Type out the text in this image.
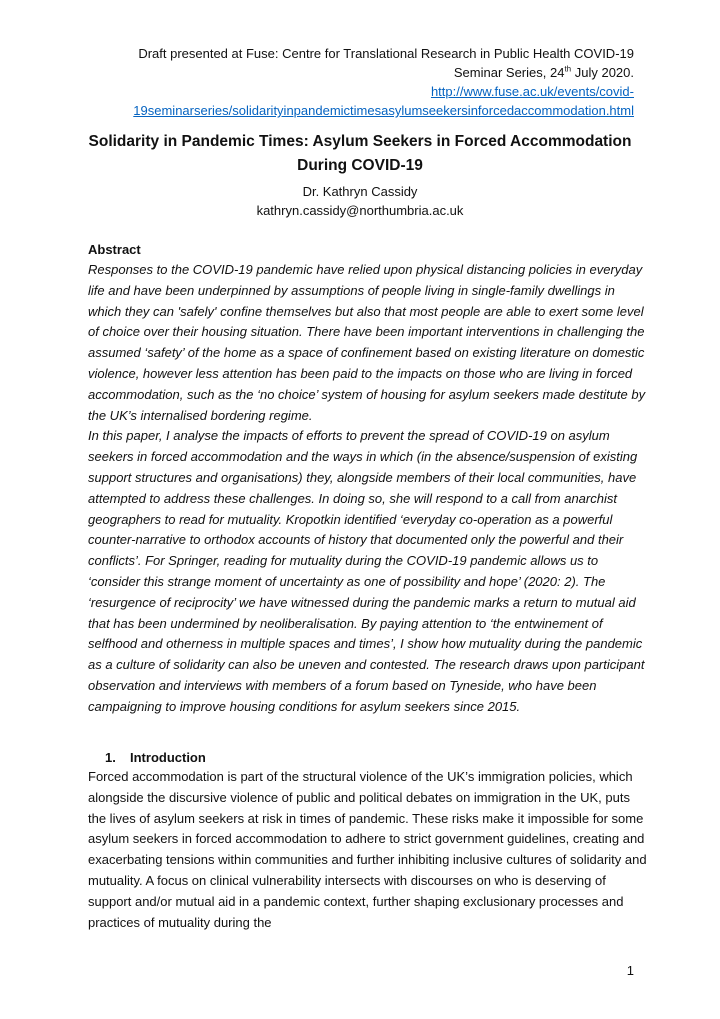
Draft presented at Fuse: Centre for Translational Research in Public Health COVID-19
Seminar Series, 24th July 2020.
http://www.fuse.ac.uk/events/covid-19seminarseries/solidarityinpandemictimesasylumseekersinforcedaccommodation.html
Solidarity in Pandemic Times: Asylum Seekers in Forced Accommodation During COVID-19
Dr. Kathryn Cassidy
kathryn.cassidy@northumbria.ac.uk
Abstract

Responses to the COVID-19 pandemic have relied upon physical distancing policies in everyday life and have been underpinned by assumptions of people living in single-family dwellings in which they can 'safely' confine themselves but also that most people are able to exert some level of choice over their housing situation. There have been important interventions in challenging the assumed ‘safety’ of the home as a space of confinement based on existing literature on domestic violence, however less attention has been paid to the impacts on those who are living in forced accommodation, such as the ‘no choice’ system of housing for asylum seekers made destitute by the UK’s internalised bordering regime.

In this paper, I analyse the impacts of efforts to prevent the spread of COVID-19 on asylum seekers in forced accommodation and the ways in which (in the absence/suspension of existing support structures and organisations) they, alongside members of their local communities, have attempted to address these challenges. In doing so, she will respond to a call from anarchist geographers to read for mutuality. Kropotkin identified ‘everyday co-operation as a powerful counter-narrative to orthodox accounts of history that documented only the powerful and their conflicts’. For Springer, reading for mutuality during the COVID-19 pandemic allows us to ‘consider this strange moment of uncertainty as one of possibility and hope’ (2020: 2). The ‘resurgence of reciprocity’ we have witnessed during the pandemic marks a return to mutual aid that has been undermined by neoliberalisation. By paying attention to ‘the entwinement of selfhood and otherness in multiple spaces and times’, I show how mutuality during the pandemic as a culture of solidarity can also be uneven and contested. The research draws upon participant observation and interviews with members of a forum based on Tyneside, who have been campaigning to improve housing conditions for asylum seekers since 2015.

1. Introduction
Forced accommodation is part of the structural violence of the UK’s immigration policies, which alongside the discursive violence of public and political debates on immigration in the UK, puts the lives of asylum seekers at risk in times of pandemic. These risks make it impossible for some asylum seekers in forced accommodation to adhere to strict government guidelines, creating and exacerbating tensions within communities and further inhibiting inclusive cultures of solidarity and mutuality. A focus on clinical vulnerability intersects with discourses on who is deserving of support and/or mutual aid in a pandemic context, further shaping exclusionary processes and practices of mutuality during the
1
